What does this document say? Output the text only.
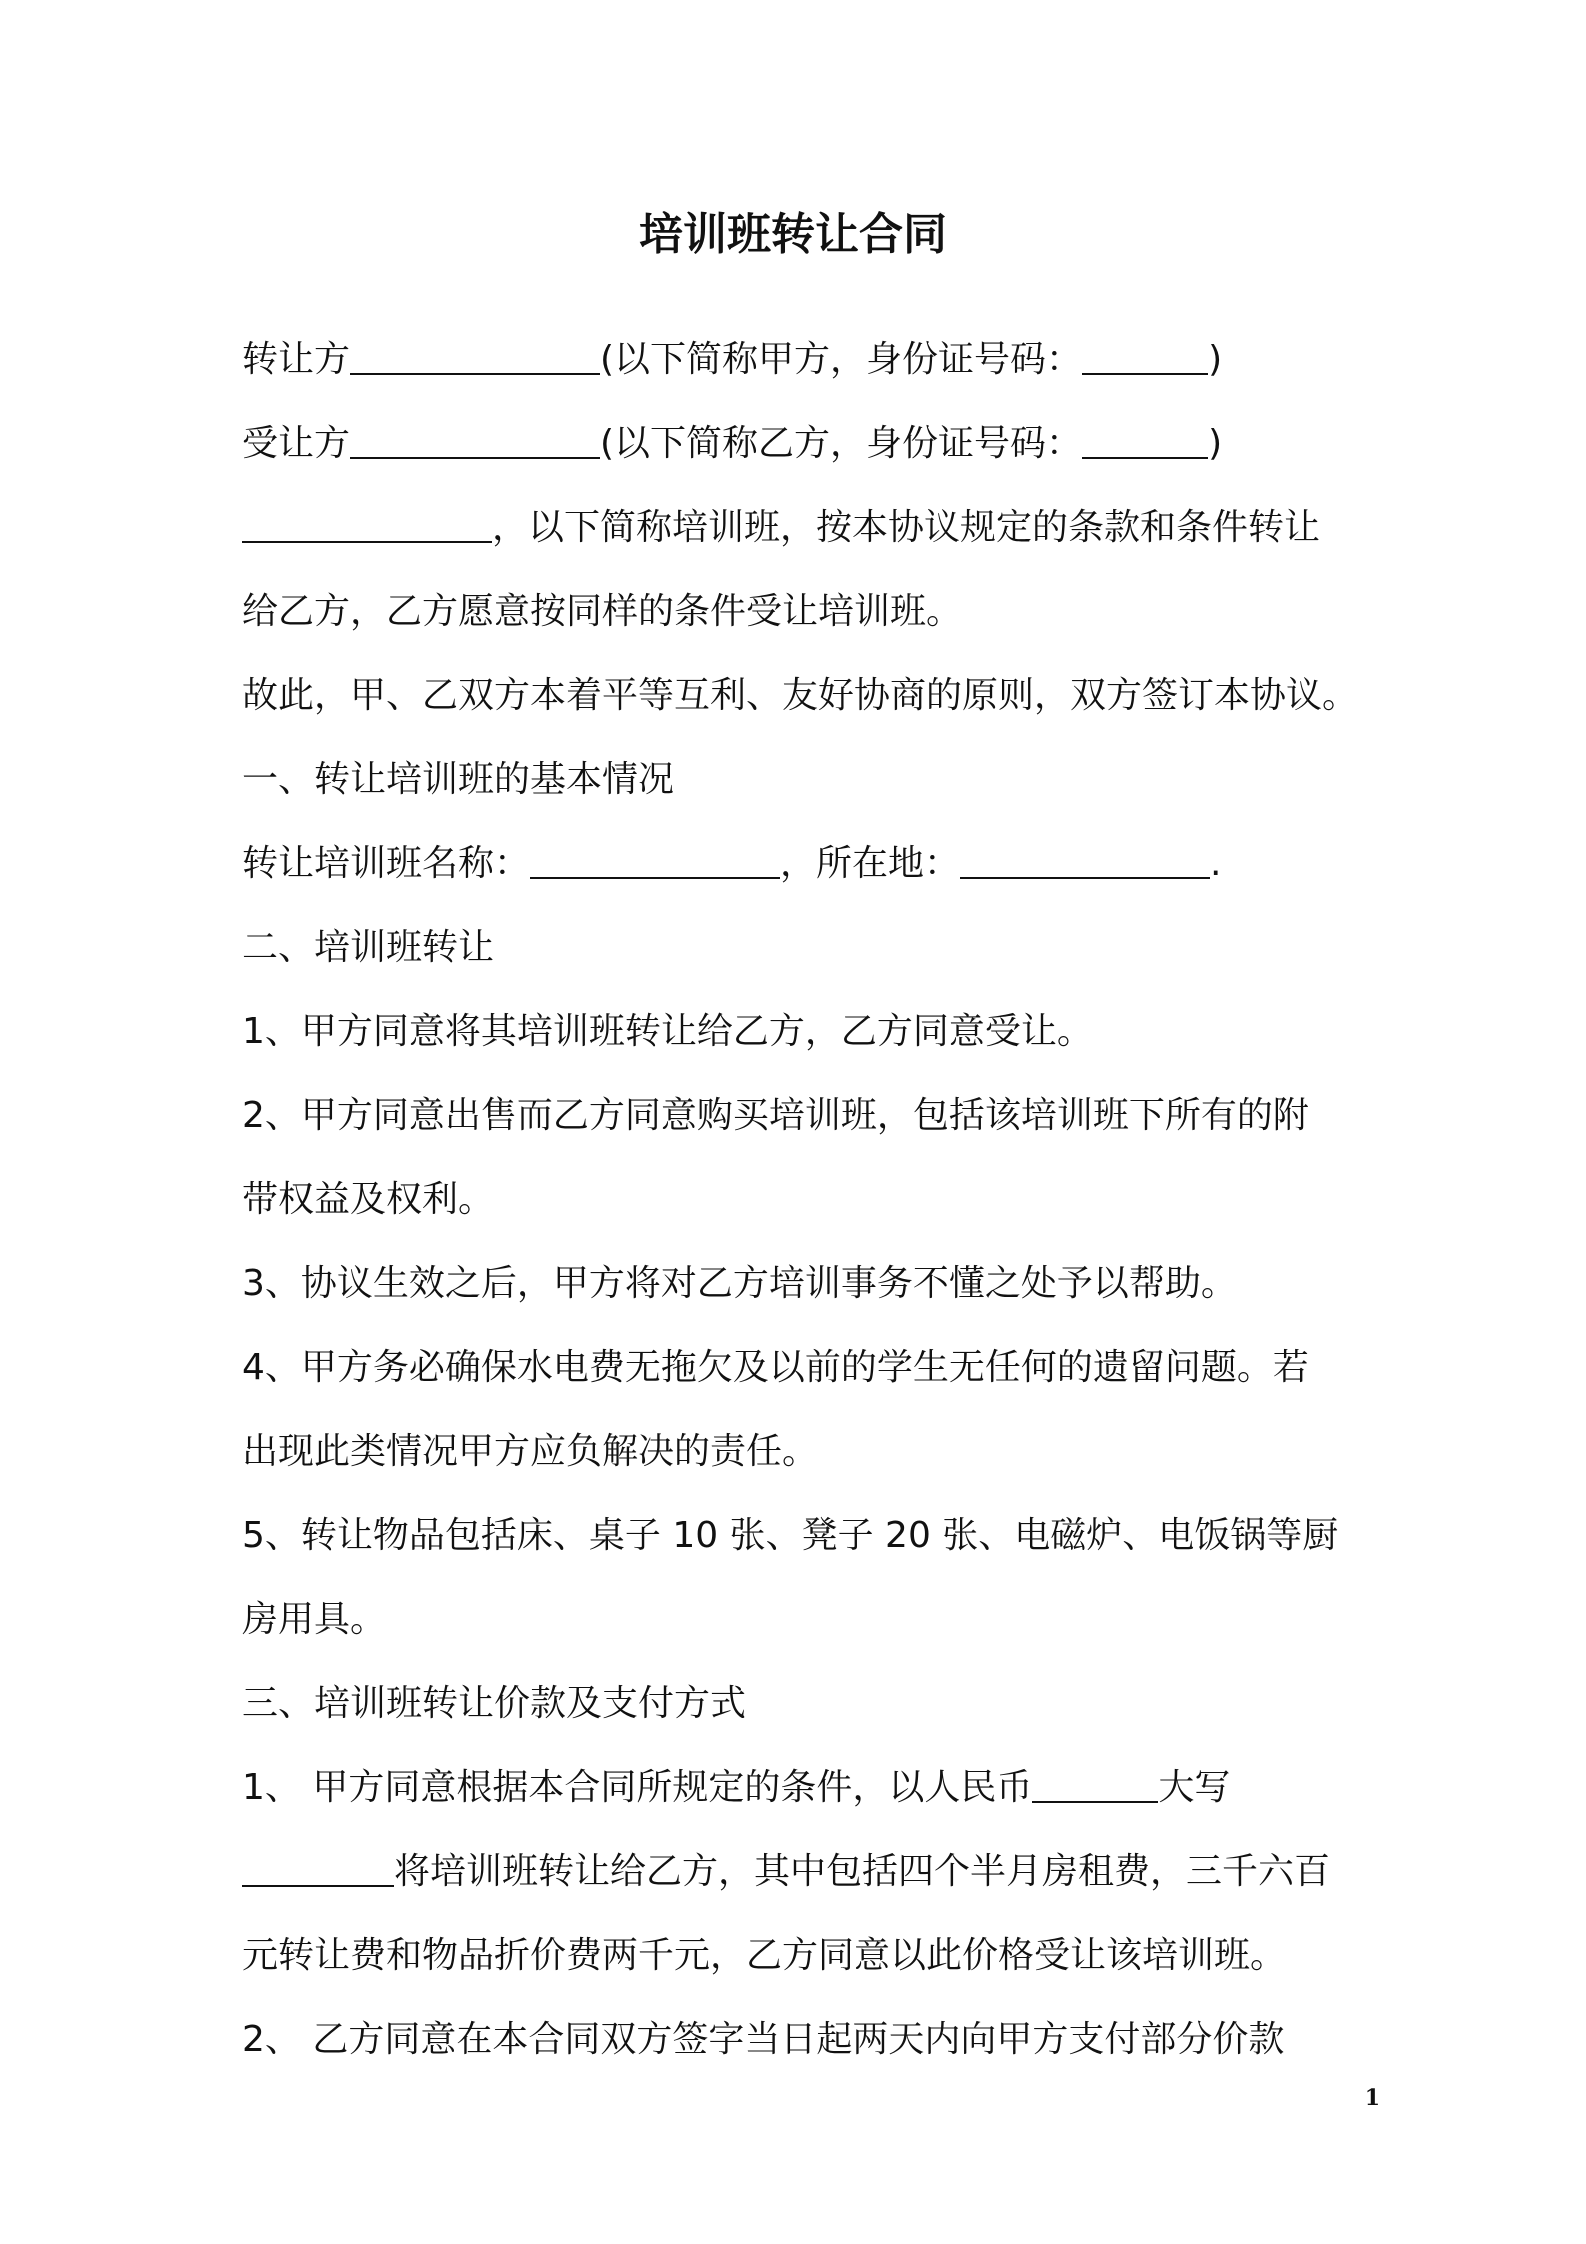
培训班转让合同
转让方	(以下简称甲方，身份证号码：	)
受让方	(以下简称乙方，身份证号码：	)
，以下简称培训班，按本协议规定的条款和条件转让
给乙方，乙方愿意按同样的条件受让培训班。
故此，甲、乙双方本着平等互利、友好协商的原则，双方签订本协议。
一、转让培训班的基本情况
转让培训班名称：	，所在地：	.
二、培训班转让
1、甲方同意将其培训班转让给乙方，乙方同意受让。
2、甲方同意出售而乙方同意购买培训班，包括该培训班下所有的附
带权益及权利。
3、协议生效之后，甲方将对乙方培训事务不懂之处予以帮助。
4、甲方务必确保水电费无拖欠及以前的学生无任何的遗留问题。若
出现此类情况甲方应负解决的责任。
5、转让物品包括床、桌子 10 张、凳子 20 张、电磁炉、电饭锅等厨
房用具。
三、培训班转让价款及支付方式
1、 甲方同意根据本合同所规定的条件，以人民币	大写
将培训班转让给乙方，其中包括四个半月房租费，三千六百
元转让费和物品折价费两千元，乙方同意以此价格受让该培训班。
2、 乙方同意在本合同双方签字当日起两天内向甲方支付部分价款
1
